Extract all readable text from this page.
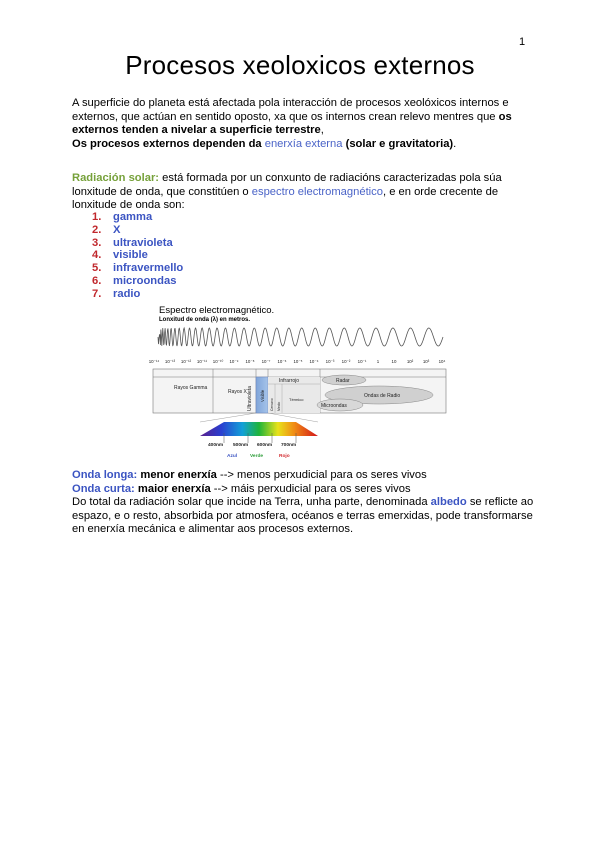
1
Procesos xeoloxicos externos

A superficie do planeta está afectada pola interacción de procesos xeolóxicos internos e externos, que actúan en sentido oposto, xa que os internos crean relevo mentres que os externos tenden a nivelar a superficie terrestre,
Os procesos externos dependen da enerxía externa (solar e gravitatoria).

Radiación solar: está formada por un conxunto de radiacións caracterizadas pola súa lonxitude de onda, que constitúen o espectro electromagnético, e en orde crecente de lonxitude de onda son:

1.	gamma
2.	X
3.	ultravioleta
4.	visible
5.	infravermello
6.	microondas
7.	radio
Espectro electromagnético.
Lonxitud de onda (λ) en metros.
10⁻¹⁴ 10⁻¹³ 10⁻¹² 10⁻¹¹ 10⁻¹⁰ 10⁻⁹ 10⁻⁸ 10⁻⁷ 10⁻⁶ 10⁻⁵ 10⁻⁴ 10⁻³ 10⁻² 10⁻¹ 1	10 10² 10³ 10⁴
Rayos Gamma
Rayos X Ultravioleta Visible
Infrarrojo
Cercano Medio
Térmico
Radar
Ondas de Radio
Microondas
400nm 500nm 600nm 700nm
Azul	Verde	Rojo

Onda longa: menor enerxía --> menos perxudicial para os seres vivos
Onda curta: maior enerxía --> máis perxudicial para os seres vivos
Do total da radiación solar que incide na Terra, unha parte, denominada albedo se reflicte ao espazo, e o resto, absorbida por atmosfera, océanos e terras emerxidas, pode transformarse en enerxía mecánica e alimentar aos procesos externos.
